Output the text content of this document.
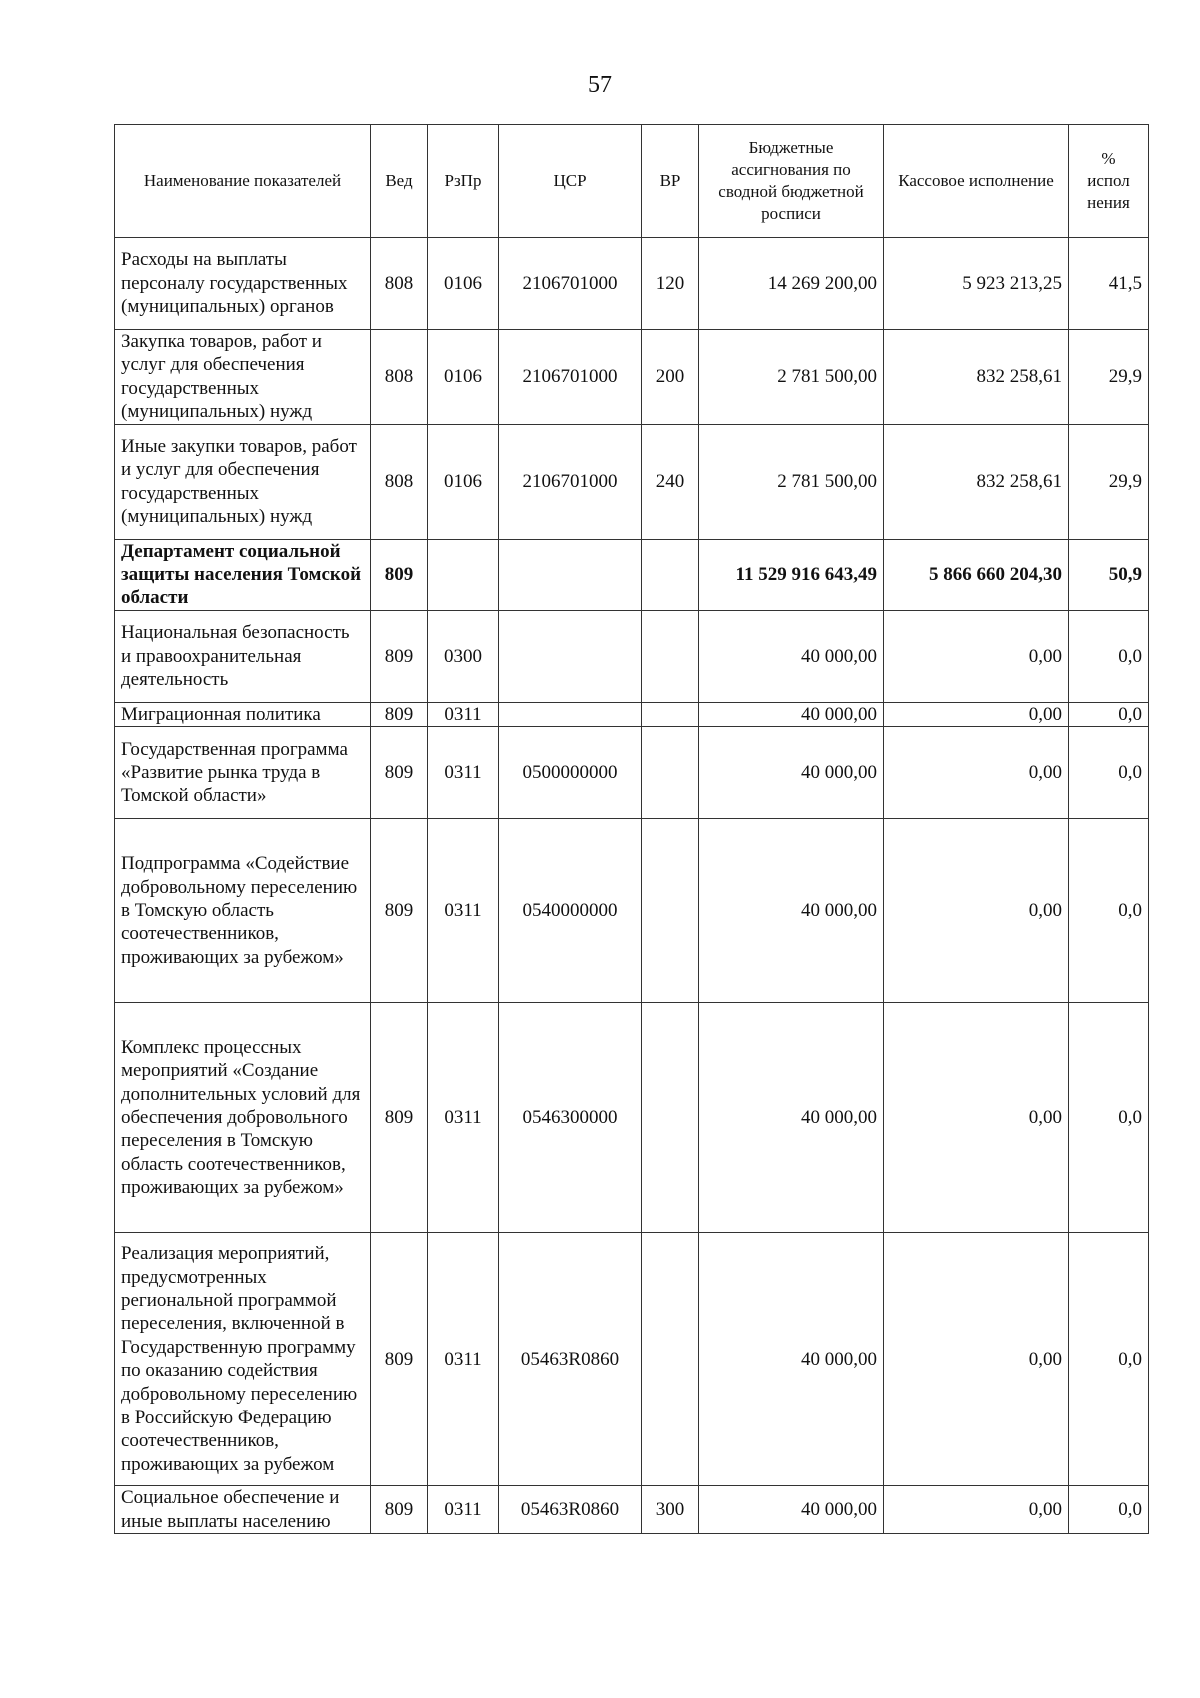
57
Наименование показателей	Вед	РзПр	ЦСР	ВР	Бюджетные ассигнования по сводной бюджетной росписи	Кассовое исполнение	% испол нения
Расходы на выплаты персоналу государственных (муниципальных) органов	808	0106	2106701000	120	14 269 200,00	5 923 213,25	41,5
Закупка товаров, работ и услуг для обеспечения государственных (муниципальных) нужд	808	0106	2106701000	200	2 781 500,00	832 258,61	29,9
Иные закупки товаров, работ и услуг для обеспечения государственных (муниципальных) нужд	808	0106	2106701000	240	2 781 500,00	832 258,61	29,9
Департамент социальной защиты населения Томской области	809				11 529 916 643,49	5 866 660 204,30	50,9
Национальная безопасность и правоохранительная деятельность	809	0300			40 000,00	0,00	0,0
Миграционная политика	809	0311			40 000,00	0,00	0,0
Государственная программа «Развитие рынка труда в Томской области»	809	0311	0500000000		40 000,00	0,00	0,0
Подпрограмма «Содействие добровольному переселению в Томскую область соотечественников, проживающих за рубежом»	809	0311	0540000000		40 000,00	0,00	0,0
Комплекс процессных мероприятий «Создание дополнительных условий для обеспечения добровольного переселения в Томскую область соотечественников, проживающих за рубежом»	809	0311	0546300000		40 000,00	0,00	0,0
Реализация мероприятий, предусмотренных региональной программой переселения, включенной в Государственную программу по оказанию содействия добровольному переселению в Российскую Федерацию соотечественников, проживающих за рубежом	809	0311	05463R0860		40 000,00	0,00	0,0
Социальное обеспечение и иные выплаты населению	809	0311	05463R0860	300	40 000,00	0,00	0,0
